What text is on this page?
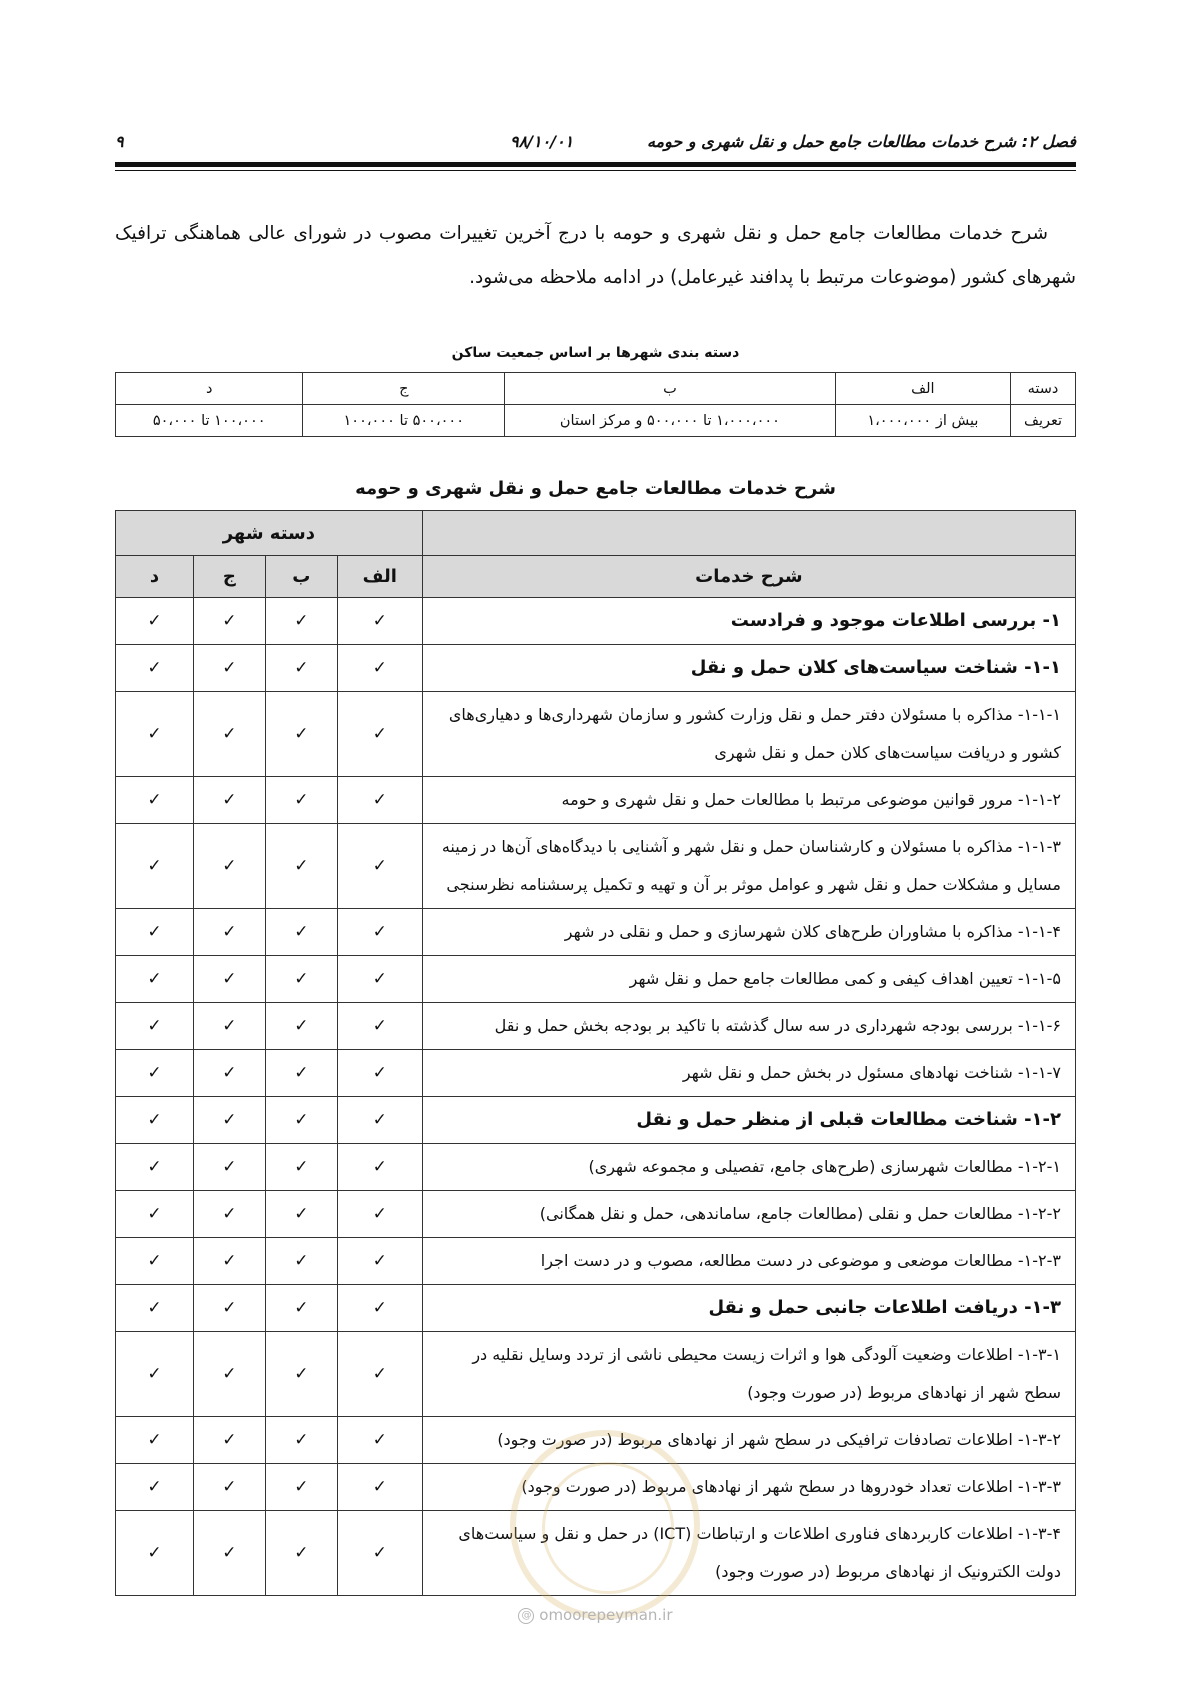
فصل ۲: شرح خدمات مطالعات جامع حمل و نقل شهری و حومه
۹۸/۱۰/۰۱
۹

شرح خدمات مطالعات جامع حمل و نقل شهری و حومه با درج آخرین تغییرات مصوب در شورای عالی هماهنگی ترافیک شهرهای کشور (موضوعات مرتبط با پدافند غیرعامل) در ادامه ملاحظه می‌شود.

دسته بندی شهرها بر اساس جمعیت ساکن
دسته	الف	ب	ج	د
تعریف	بیش از ۱،۰۰۰،۰۰۰	۱،۰۰۰،۰۰۰ تا ۵۰۰،۰۰۰ و مرکز استان	۵۰۰،۰۰۰ تا ۱۰۰،۰۰۰	۱۰۰،۰۰۰ تا ۵۰،۰۰۰
شرح خدمات مطالعات جامع حمل و نقل شهری و حومه
	دسته شهر			
شرح خدمات	الف	ب	ج	د
۱- بررسی اطلاعات موجود و فرادست	✓	✓	✓	✓
۱-۱- شناخت سیاست‌های کلان حمل و نقل	✓	✓	✓	✓
۱-۱-۱- مذاکره با مسئولان دفتر حمل و نقل وزارت کشور و سازمان شهرداری‌ها و دهیاری‌های کشور و دریافت سیاست‌های کلان حمل و نقل شهری	✓	✓	✓	✓
۱-۱-۲- مرور قوانین موضوعی مرتبط با مطالعات حمل و نقل شهری و حومه	✓	✓	✓	✓
۱-۱-۳- مذاکره با مسئولان و کارشناسان حمل و نقل شهر و آشنایی با دیدگاه‌های آن‌ها در زمینه مسایل و مشکلات حمل و نقل شهر و عوامل موثر بر آن و تهیه و تکمیل پرسشنامه نظرسنجی	✓	✓	✓	✓
۱-۱-۴- مذاکره با مشاوران طرح‌های کلان شهرسازی و حمل و نقلی در شهر	✓	✓	✓	✓
۱-۱-۵- تعیین اهداف کیفی و کمی مطالعات جامع حمل و نقل شهر	✓	✓	✓	✓
۱-۱-۶- بررسی بودجه شهرداری در سه سال گذشته با تاکید بر بودجه بخش حمل و نقل	✓	✓	✓	✓
۱-۱-۷- شناخت نهادهای مسئول در بخش حمل و نقل شهر	✓	✓	✓	✓
۱-۲- شناخت مطالعات قبلی از منظر حمل و نقل	✓	✓	✓	✓
۱-۲-۱- مطالعات شهرسازی (طرح‌های جامع، تفصیلی و مجموعه شهری)	✓	✓	✓	✓
۱-۲-۲- مطالعات حمل و نقلی (مطالعات جامع، ساماندهی، حمل و نقل همگانی)	✓	✓	✓	✓
۱-۲-۳- مطالعات موضعی و موضوعی در دست مطالعه، مصوب و در دست اجرا	✓	✓	✓	✓
۱-۳- دریافت اطلاعات جانبی حمل و نقل	✓	✓	✓	✓
۱-۳-۱- اطلاعات وضعیت آلودگی هوا و اثرات زیست محیطی ناشی از تردد وسایل نقلیه در سطح شهر از نهادهای مربوط (در صورت وجود)	✓	✓	✓	✓
۱-۳-۲- اطلاعات تصادفات ترافیکی در سطح شهر از نهادهای مربوط (در صورت وجود)	✓	✓	✓	✓
۱-۳-۳- اطلاعات تعداد خودروها در سطح شهر از نهادهای مربوط (در صورت وجود)	✓	✓	✓	✓
۱-۳-۴- اطلاعات کاربردهای فناوری اطلاعات و ارتباطات (ICT) در حمل و نقل و سیاست‌های دولت الکترونیک از نهادهای مربوط (در صورت وجود)	✓	✓	✓	✓
@ omoorepeyman.ir
